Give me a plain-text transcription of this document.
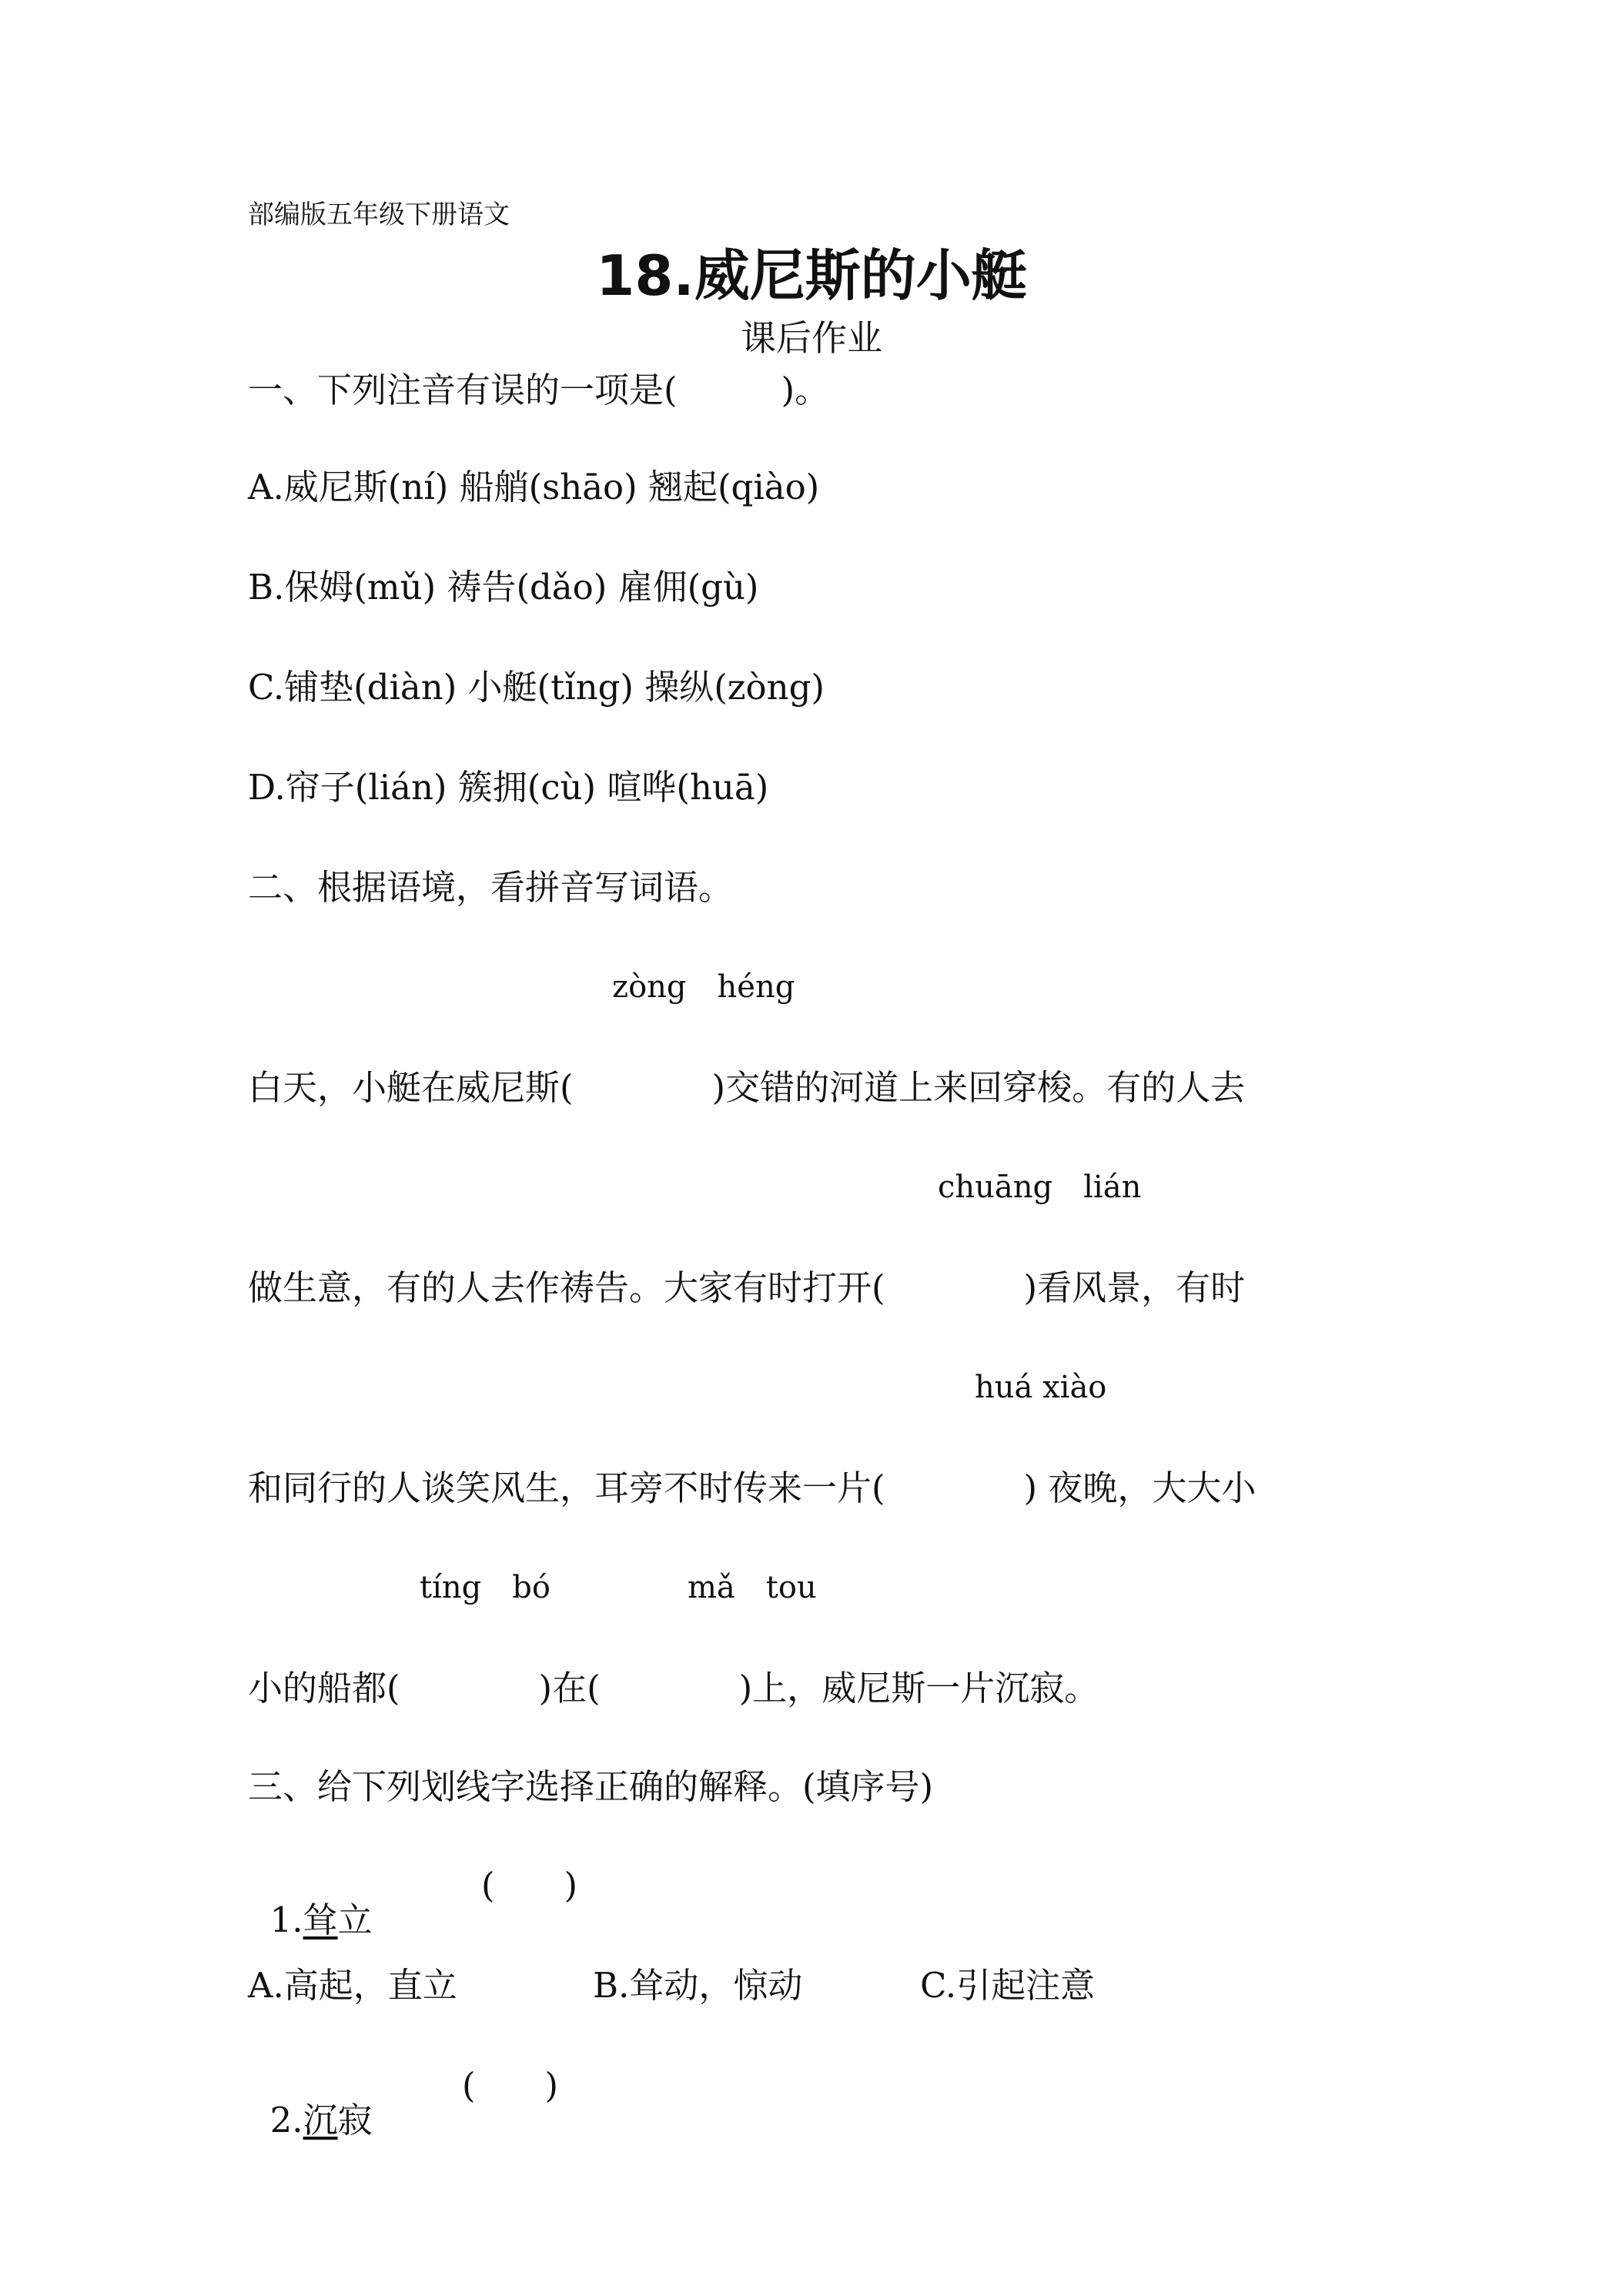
部编版五年级下册语文
18.威尼斯的小艇
课后作业
一、下列注音有误的一项是(　　　)。
A.威尼斯(ní) 船艄(shāo) 翘起(qiào)
B.保姆(mǔ) 祷告(dǎo) 雇佣(gù)
C.铺垫(diàn) 小艇(tǐng) 操纵(zòng)
D.帘子(lián) 簇拥(cù) 喧哗(huā)
二、根据语境，看拼音写词语。
zòng　héng
白天，小艇在威尼斯(　　　　)交错的河道上来回穿梭。有的人去
chuāng　lián
做生意，有的人去作祷告。大家有时打开(　　　　)看风景，有时
huá xiào
和同行的人谈笑风生，耳旁不时传来一片(　　　　) 夜晚，大大小
tíng　bó	mǎ　tou
小的船都(　　　　)在(　　　　)上，威尼斯一片沉寂。
三、给下列划线字选择正确的解释。(填序号)

1.耸立

(　　)
A.高起，直立	B.耸动，惊动	C.引起注意

2.沉寂

(　　)
